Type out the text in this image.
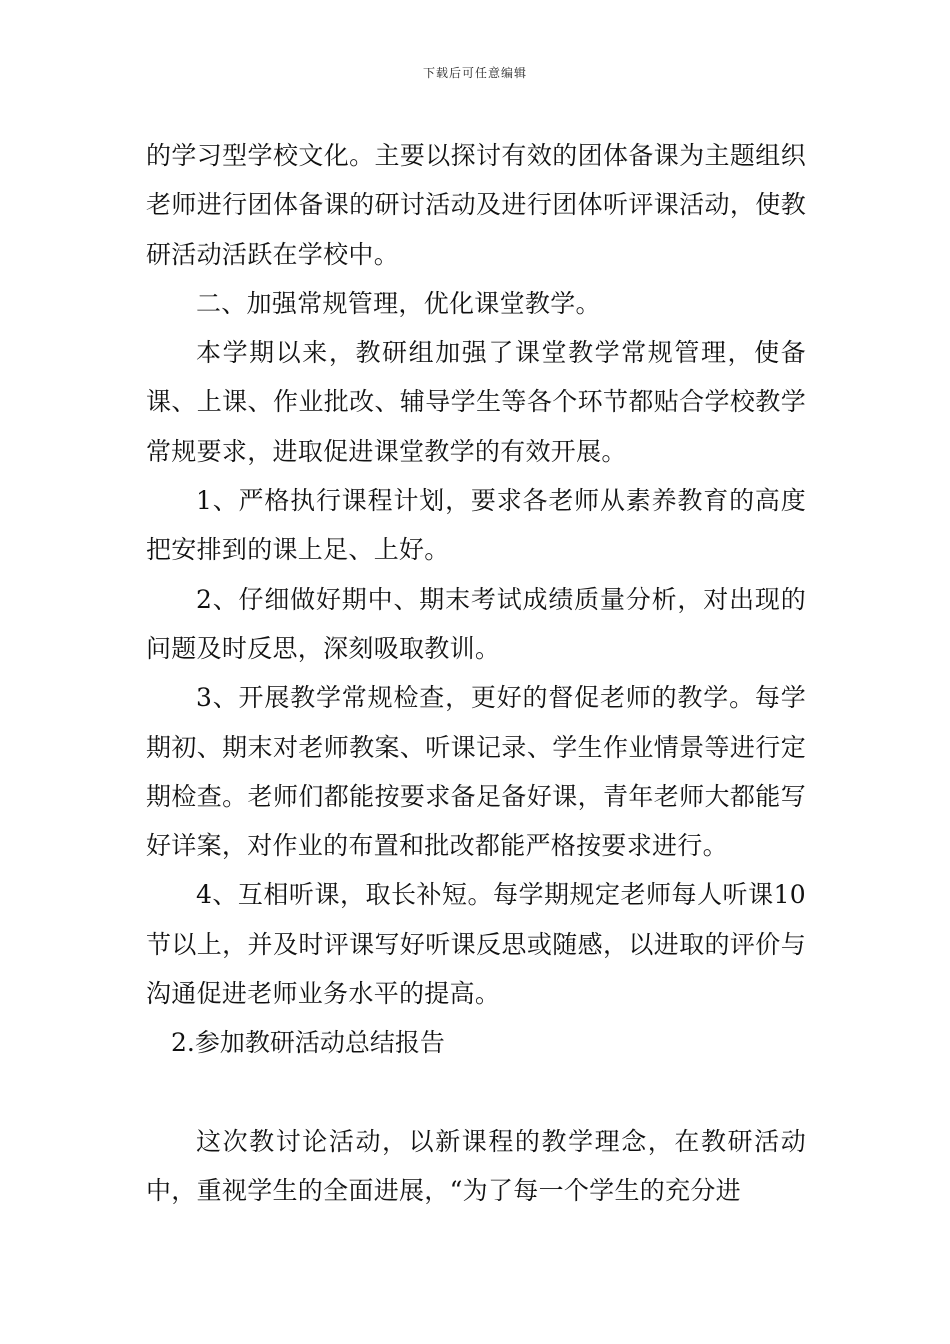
下载后可任意编辑

的学习型学校文化。主要以探讨有效的团体备课为主题组织老师进行团体备课的研讨活动及进行团体听评课活动，使教研活动活跃在学校中。

二、加强常规管理，优化课堂教学。

本学期以来，教研组加强了课堂教学常规管理，使备课、上课、作业批改、辅导学生等各个环节都贴合学校教学常规要求，进取促进课堂教学的有效开展。

1、严格执行课程计划，要求各老师从素养教育的高度把安排到的课上足、上好。

2、仔细做好期中、期末考试成绩质量分析，对出现的问题及时反思，深刻吸取教训。

3、开展教学常规检查，更好的督促老师的教学。每学期初、期末对老师教案、听课记录、学生作业情景等进行定期检查。老师们都能按要求备足备好课，青年老师大都能写好详案，对作业的布置和批改都能严格按要求进行。

4、互相听课，取长补短。每学期规定老师每人听课10节以上，并及时评课写好听课反思或随感，以进取的评价与沟通促进老师业务水平的提高。

2.参加教研活动总结报告

这次教讨论活动，以新课程的教学理念，在教研活动中，重视学生的全面进展，“为了每一个学生的充分进
